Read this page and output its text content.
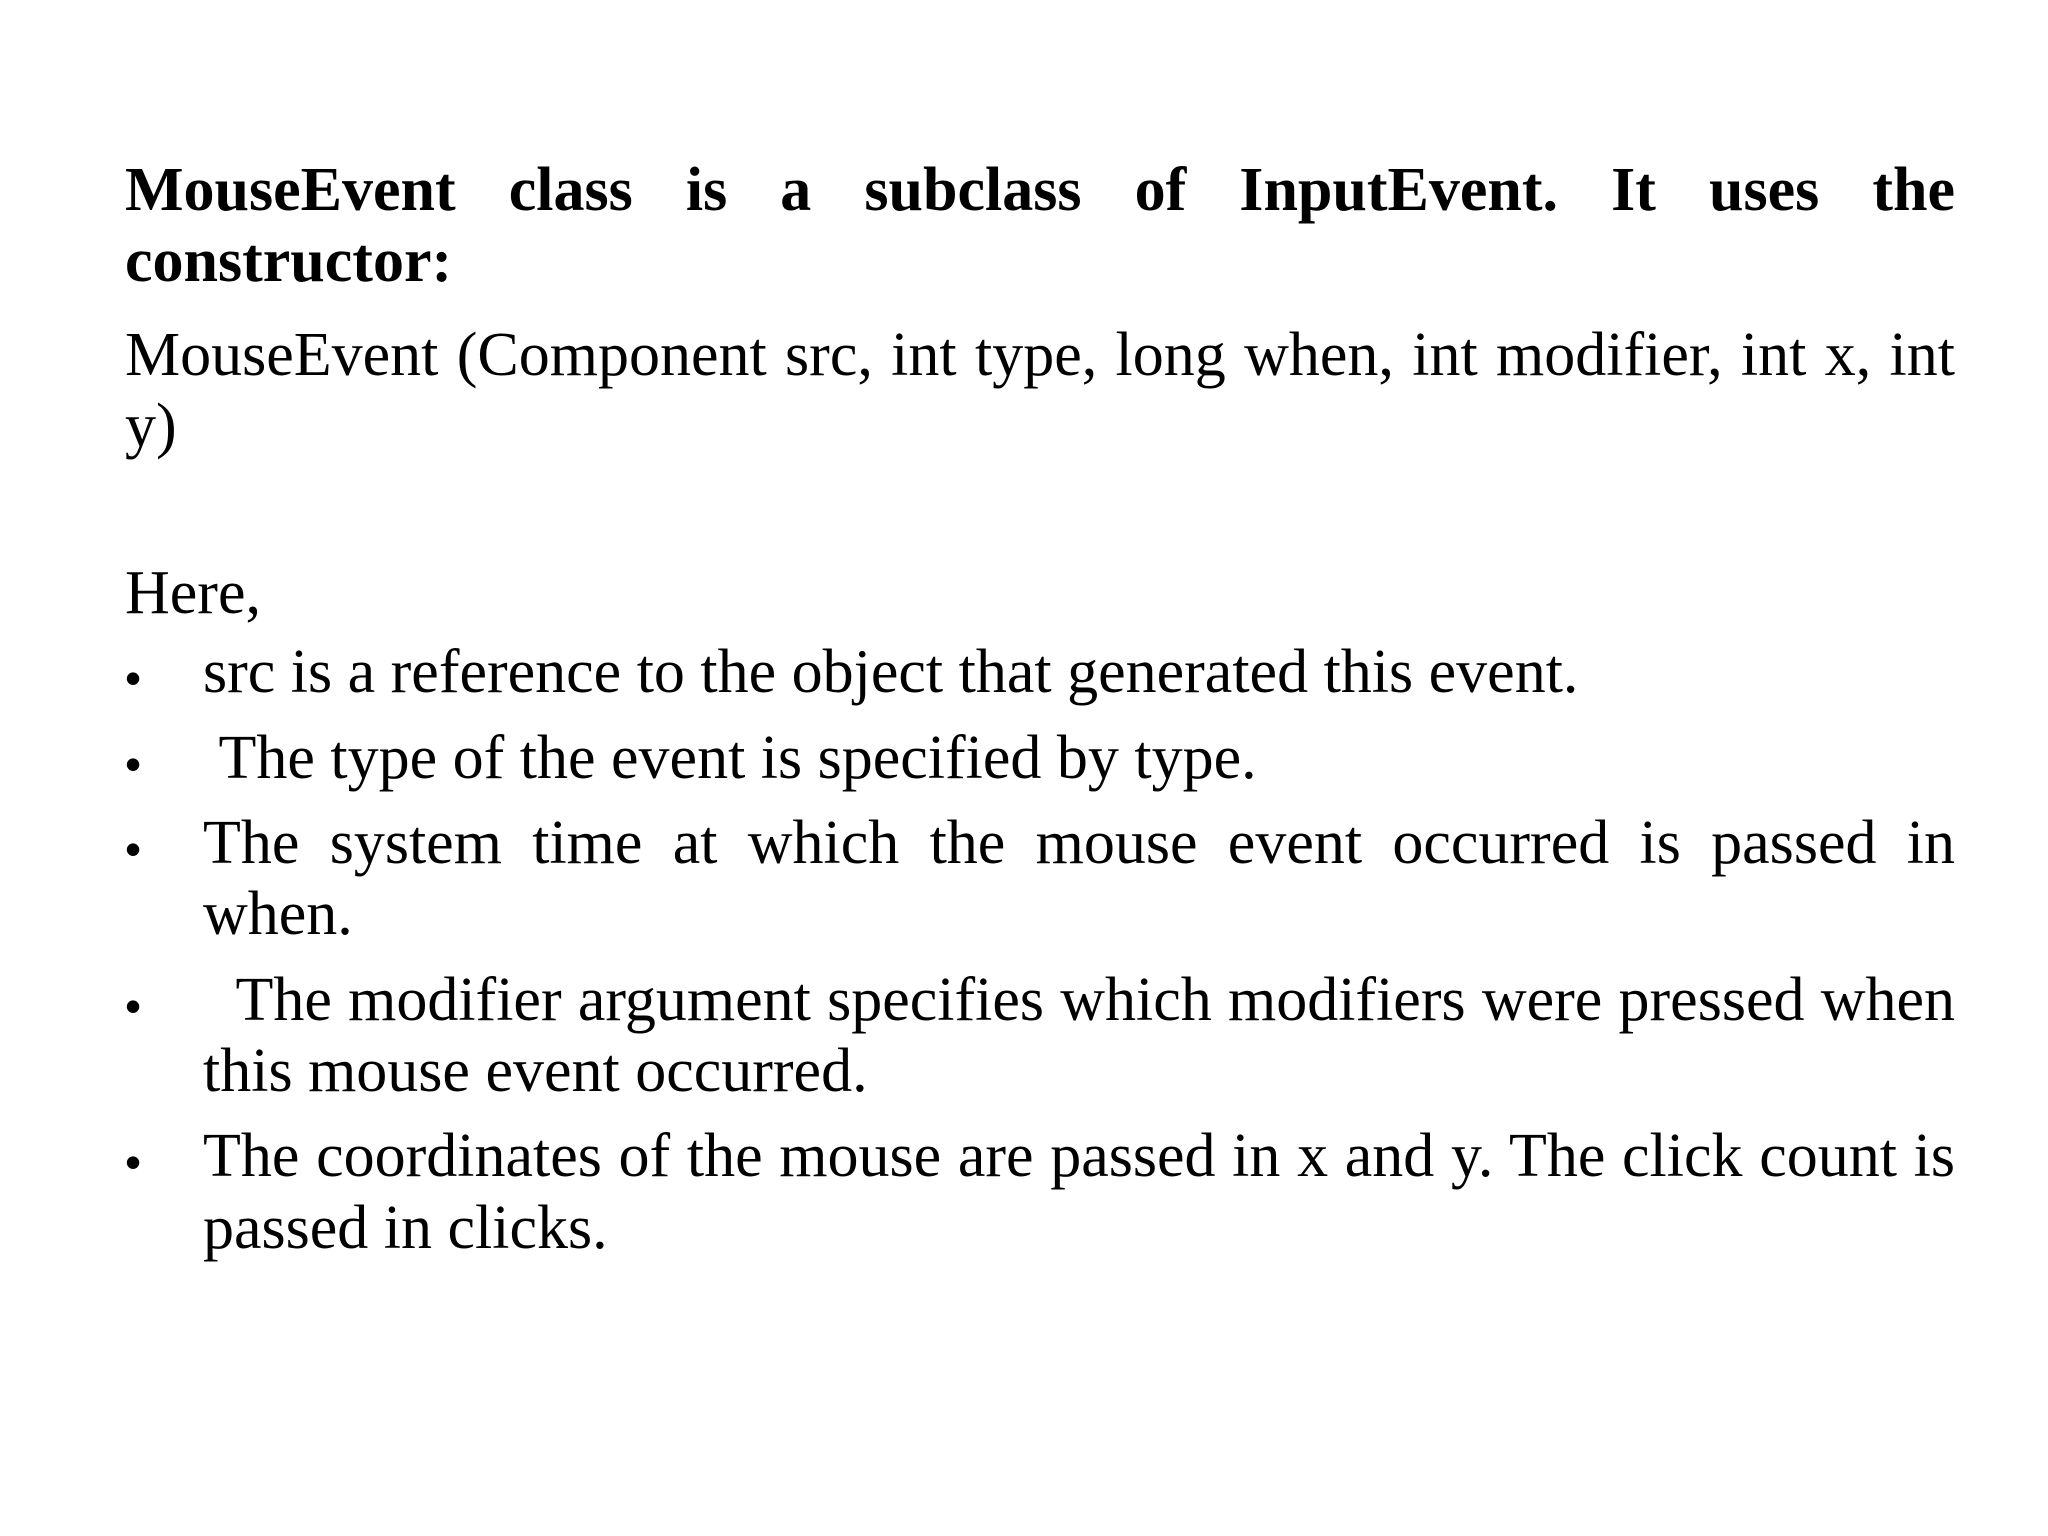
MouseEvent class is a subclass of InputEvent. It uses the constructor:

MouseEvent (Component src, int type, long when, int modifier, int x, int y)

Here,

• src is a reference to the object that generated this event.
• The type of the event is specified by type.
• The system time at which the mouse event occurred is passed in when.
• The modifier argument specifies which modifiers were pressed when this mouse event occurred.
• The coordinates of the mouse are passed in x and y. The click count is passed in clicks.
